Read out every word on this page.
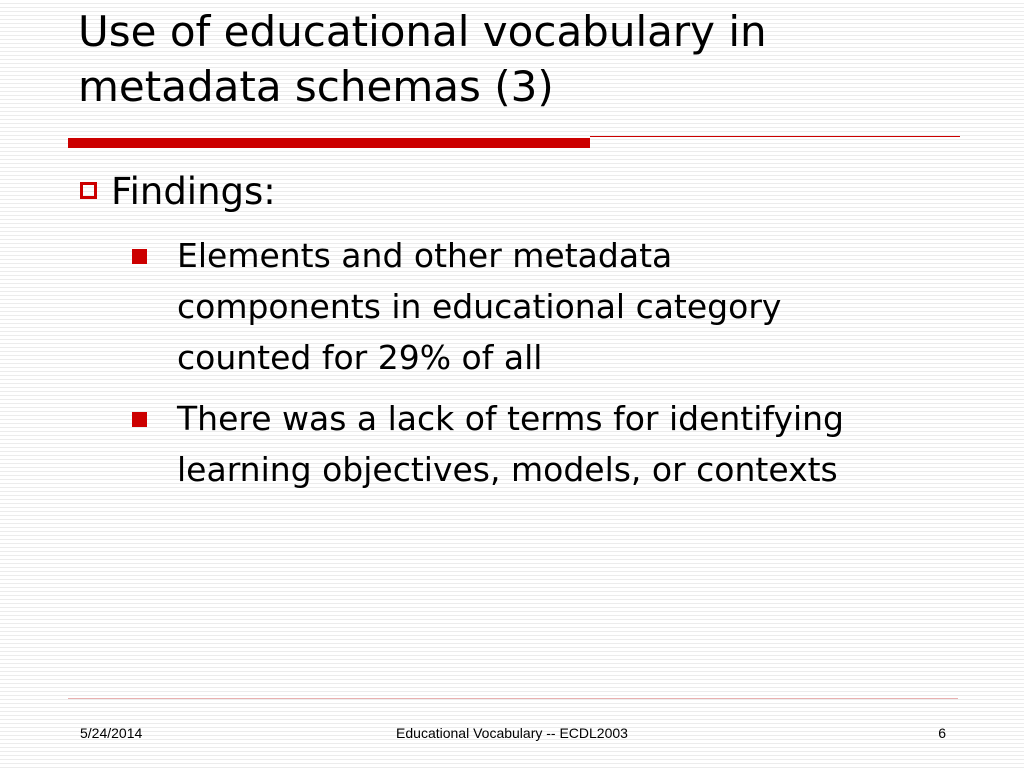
Use of educational vocabulary in metadata schemas (3)
Findings:
Elements and other metadata components in educational category counted for 29% of all
There was a lack of terms for identifying learning objectives, models, or contexts
5/24/2014	Educational Vocabulary -- ECDL2003	6
